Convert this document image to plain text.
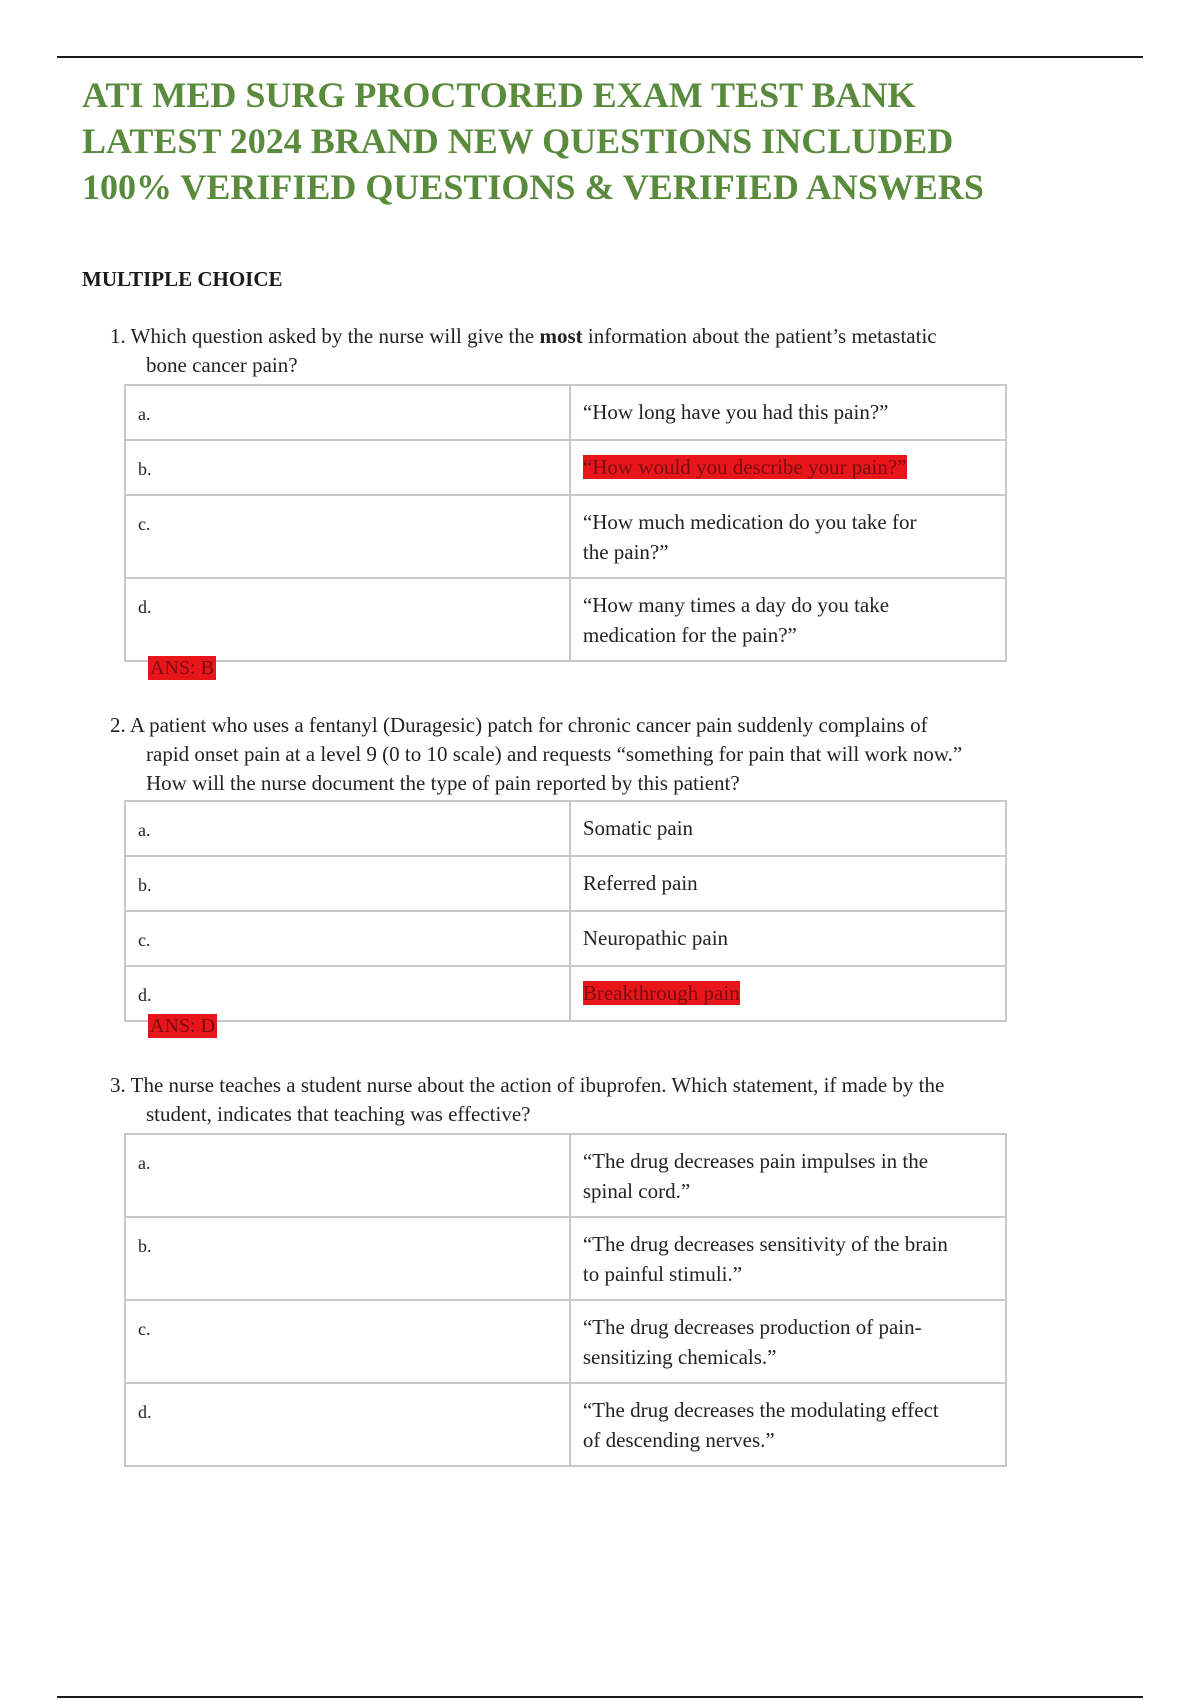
ATI MED SURG PROCTORED EXAM TEST BANK
LATEST 2024 BRAND NEW QUESTIONS INCLUDED
100% VERIFIED QUESTIONS & VERIFIED ANSWERS
MULTIPLE CHOICE

1. Which question asked by the nurse will give the most information about the patient’s metastatic
bone cancer pain?

a.	“How long have you had this pain?”
b.	“How would you describe your pain?”
c.	“How much medication do you take for
the pain?”
d.	“How many times a day do you take
medication for the pain?”
ANS: B

2. A patient who uses a fentanyl (Duragesic) patch for chronic cancer pain suddenly complains of
rapid onset pain at a level 9 (0 to 10 scale) and requests “something for pain that will work now.”
How will the nurse document the type of pain reported by this patient?

a.	Somatic pain
b.	Referred pain
c.	Neuropathic pain
d.	Breakthrough pain
ANS: D

3. The nurse teaches a student nurse about the action of ibuprofen. Which statement, if made by the
student, indicates that teaching was effective?

a.	“The drug decreases pain impulses in the
spinal cord.”
b.	“The drug decreases sensitivity of the brain
to painful stimuli.”
c.	“The drug decreases production of pain-
sensitizing chemicals.”
d.	“The drug decreases the modulating effect
of descending nerves.”
